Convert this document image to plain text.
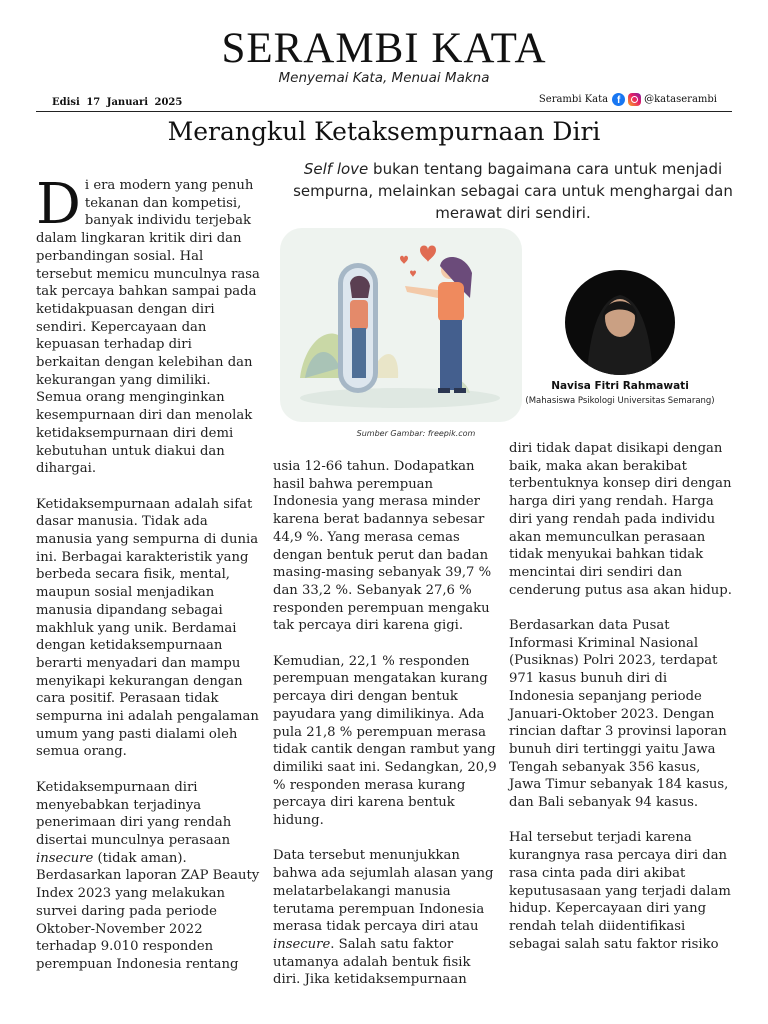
SERAMBI KATA
Menyemai Kata, Menuai Makna
Edisi 17 Januari 2025	Serambi Kata f	@kataserambi
Merangkul Ketaksempurnaan Diri
Self love bukan tentang bagaimana cara untuk menjadi sempurna, melainkan sebagai cara untuk menghargai dan merawat diri sendiri.

Di era modern yang penuh tekanan dan kompetisi, banyak individu terjebak dalam lingkaran kritik diri dan perbandingan sosial. Hal tersebut memicu munculnya rasa tak percaya bahkan sampai pada ketidakpuasan dengan diri sendiri. Kepercayaan dan kepuasan terhadap diri berkaitan dengan kelebihan dan kekurangan yang dimiliki. Semua orang menginginkan kesempurnaan diri dan menolak ketidaksempurnaan diri demi kebutuhan untuk diakui dan dihargai.

Ketidaksempurnaan adalah sifat dasar manusia. Tidak ada manusia yang sempurna di dunia ini. Berbagai karakteristik yang berbeda secara fisik, mental, maupun sosial menjadikan manusia dipandang sebagai makhluk yang unik. Berdamai dengan ketidaksempurnaan berarti menyadari dan mampu menyikapi kekurangan dengan cara positif. Perasaan tidak sempurna ini adalah pengalaman umum yang pasti dialami oleh semua orang.

Ketidaksempurnaan diri menyebabkan terjadinya penerimaan diri yang rendah disertai munculnya perasaan insecure (tidak aman). Berdasarkan laporan ZAP Beauty Index 2023 yang melakukan survei daring pada periode Oktober-November 2022 terhadap 9.010 responden perempuan Indonesia rentang

Sumber Gambar: freepik.com
Navisa Fitri Rahmawati
(Mahasiswa Psikologi Universitas Semarang)

usia 12-66 tahun. Dodapatkan hasil bahwa perempuan Indonesia yang merasa minder karena berat badannya sebesar 44,9 %. Yang merasa cemas dengan bentuk perut dan badan masing-masing sebanyak 39,7 % dan 33,2 %. Sebanyak 27,6 % responden perempuan mengaku tak percaya diri karena gigi.

Kemudian, 22,1 % responden perempuan mengatakan kurang percaya diri dengan bentuk payudara yang dimilikinya. Ada pula 21,8 % perempuan merasa tidak cantik dengan rambut yang dimiliki saat ini. Sedangkan, 20,9 % responden merasa kurang percaya diri karena bentuk hidung.

Data tersebut menunjukkan bahwa ada sejumlah alasan yang melatarbelakangi manusia terutama perempuan Indonesia merasa tidak percaya diri atau insecure. Salah satu faktor utamanya adalah bentuk fisik diri. Jika ketidaksempurnaan

diri tidak dapat disikapi dengan baik, maka akan berakibat terbentuknya konsep diri dengan harga diri yang rendah. Harga diri yang rendah pada individu akan memunculkan perasaan tidak menyukai bahkan tidak mencintai diri sendiri dan cenderung putus asa akan hidup.

Berdasarkan data Pusat Informasi Kriminal Nasional (Pusiknas) Polri 2023, terdapat 971 kasus bunuh diri di Indonesia sepanjang periode Januari-Oktober 2023. Dengan rincian daftar 3 provinsi laporan bunuh diri tertinggi yaitu Jawa Tengah sebanyak 356 kasus, Jawa Timur sebanyak 184 kasus, dan Bali sebanyak 94 kasus.

Hal tersebut terjadi karena kurangnya rasa percaya diri dan rasa cinta pada diri akibat keputusasaan yang terjadi dalam hidup. Kepercayaan diri yang rendah telah diidentifikasi sebagai salah satu faktor risiko
